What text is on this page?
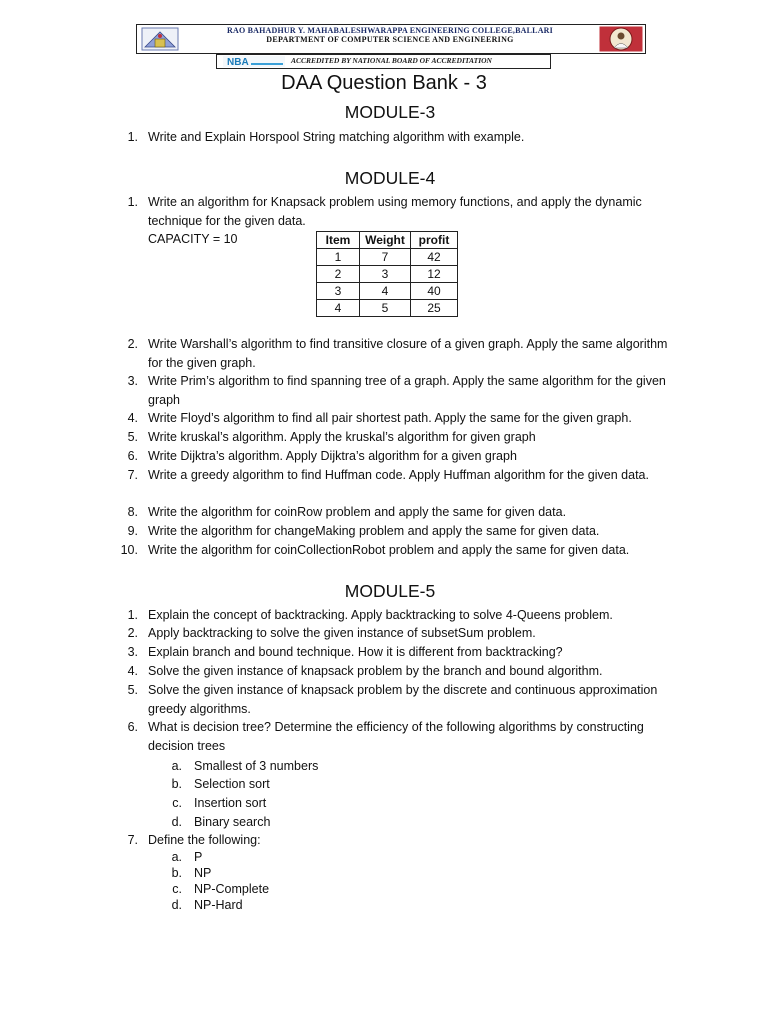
RAO BAHADHUR Y. MAHABALESHWARAPPA ENGINEERING COLLEGE,BALLARI
DEPARTMENT OF COMPUTER SCIENCE AND ENGINEERING
NBA	ACCREDITED BY NATIONAL BOARD OF ACCREDITATION
DAA Question Bank - 3
MODULE-3
1. Write and Explain Horspool String matching algorithm with example.
MODULE-4
1. Write an algorithm for Knapsack problem using memory functions, and apply the dynamic technique for the given data.
CAPACITY = 10	Item	Weight	profit
1	7	42
2	3	12
3	4	40
4	5	25
2. Write Warshall’s algorithm to find transitive closure of a given graph. Apply the same algorithm for the given graph.
3. Write Prim’s algorithm to find spanning tree of a graph. Apply the same algorithm for the given graph
4. Write Floyd’s algorithm to find all pair shortest path. Apply the same for the given graph.
5. Write kruskal’s algorithm. Apply the kruskal’s algorithm for given graph
6. Write Dijktra’s algorithm. Apply Dijktra’s algorithm for a given graph
7. Write a greedy algorithm to find Huffman code. Apply Huffman algorithm for the given data.
8. Write the algorithm for coinRow problem and apply the same for given data.
9. Write the algorithm for changeMaking problem and apply the same for given data.
10. Write the algorithm for coinCollectionRobot problem and apply the same for given data.
MODULE-5
1. Explain the concept of backtracking. Apply backtracking to solve 4-Queens problem.
2. Apply backtracking to solve the given instance of subsetSum problem.
3. Explain branch and bound technique. How it is different from backtracking?
4. Solve the given instance of knapsack problem by the branch and bound algorithm.
5. Solve the given instance of knapsack problem by the discrete and continuous approximation greedy algorithms.
6. What is decision tree? Determine the efficiency of the following algorithms by constructing decision trees
a. Smallest of 3 numbers
b. Selection sort
c. Insertion sort
d. Binary search
7. Define the following:
a. P
b. NP
c. NP-Complete
d. NP-Hard
